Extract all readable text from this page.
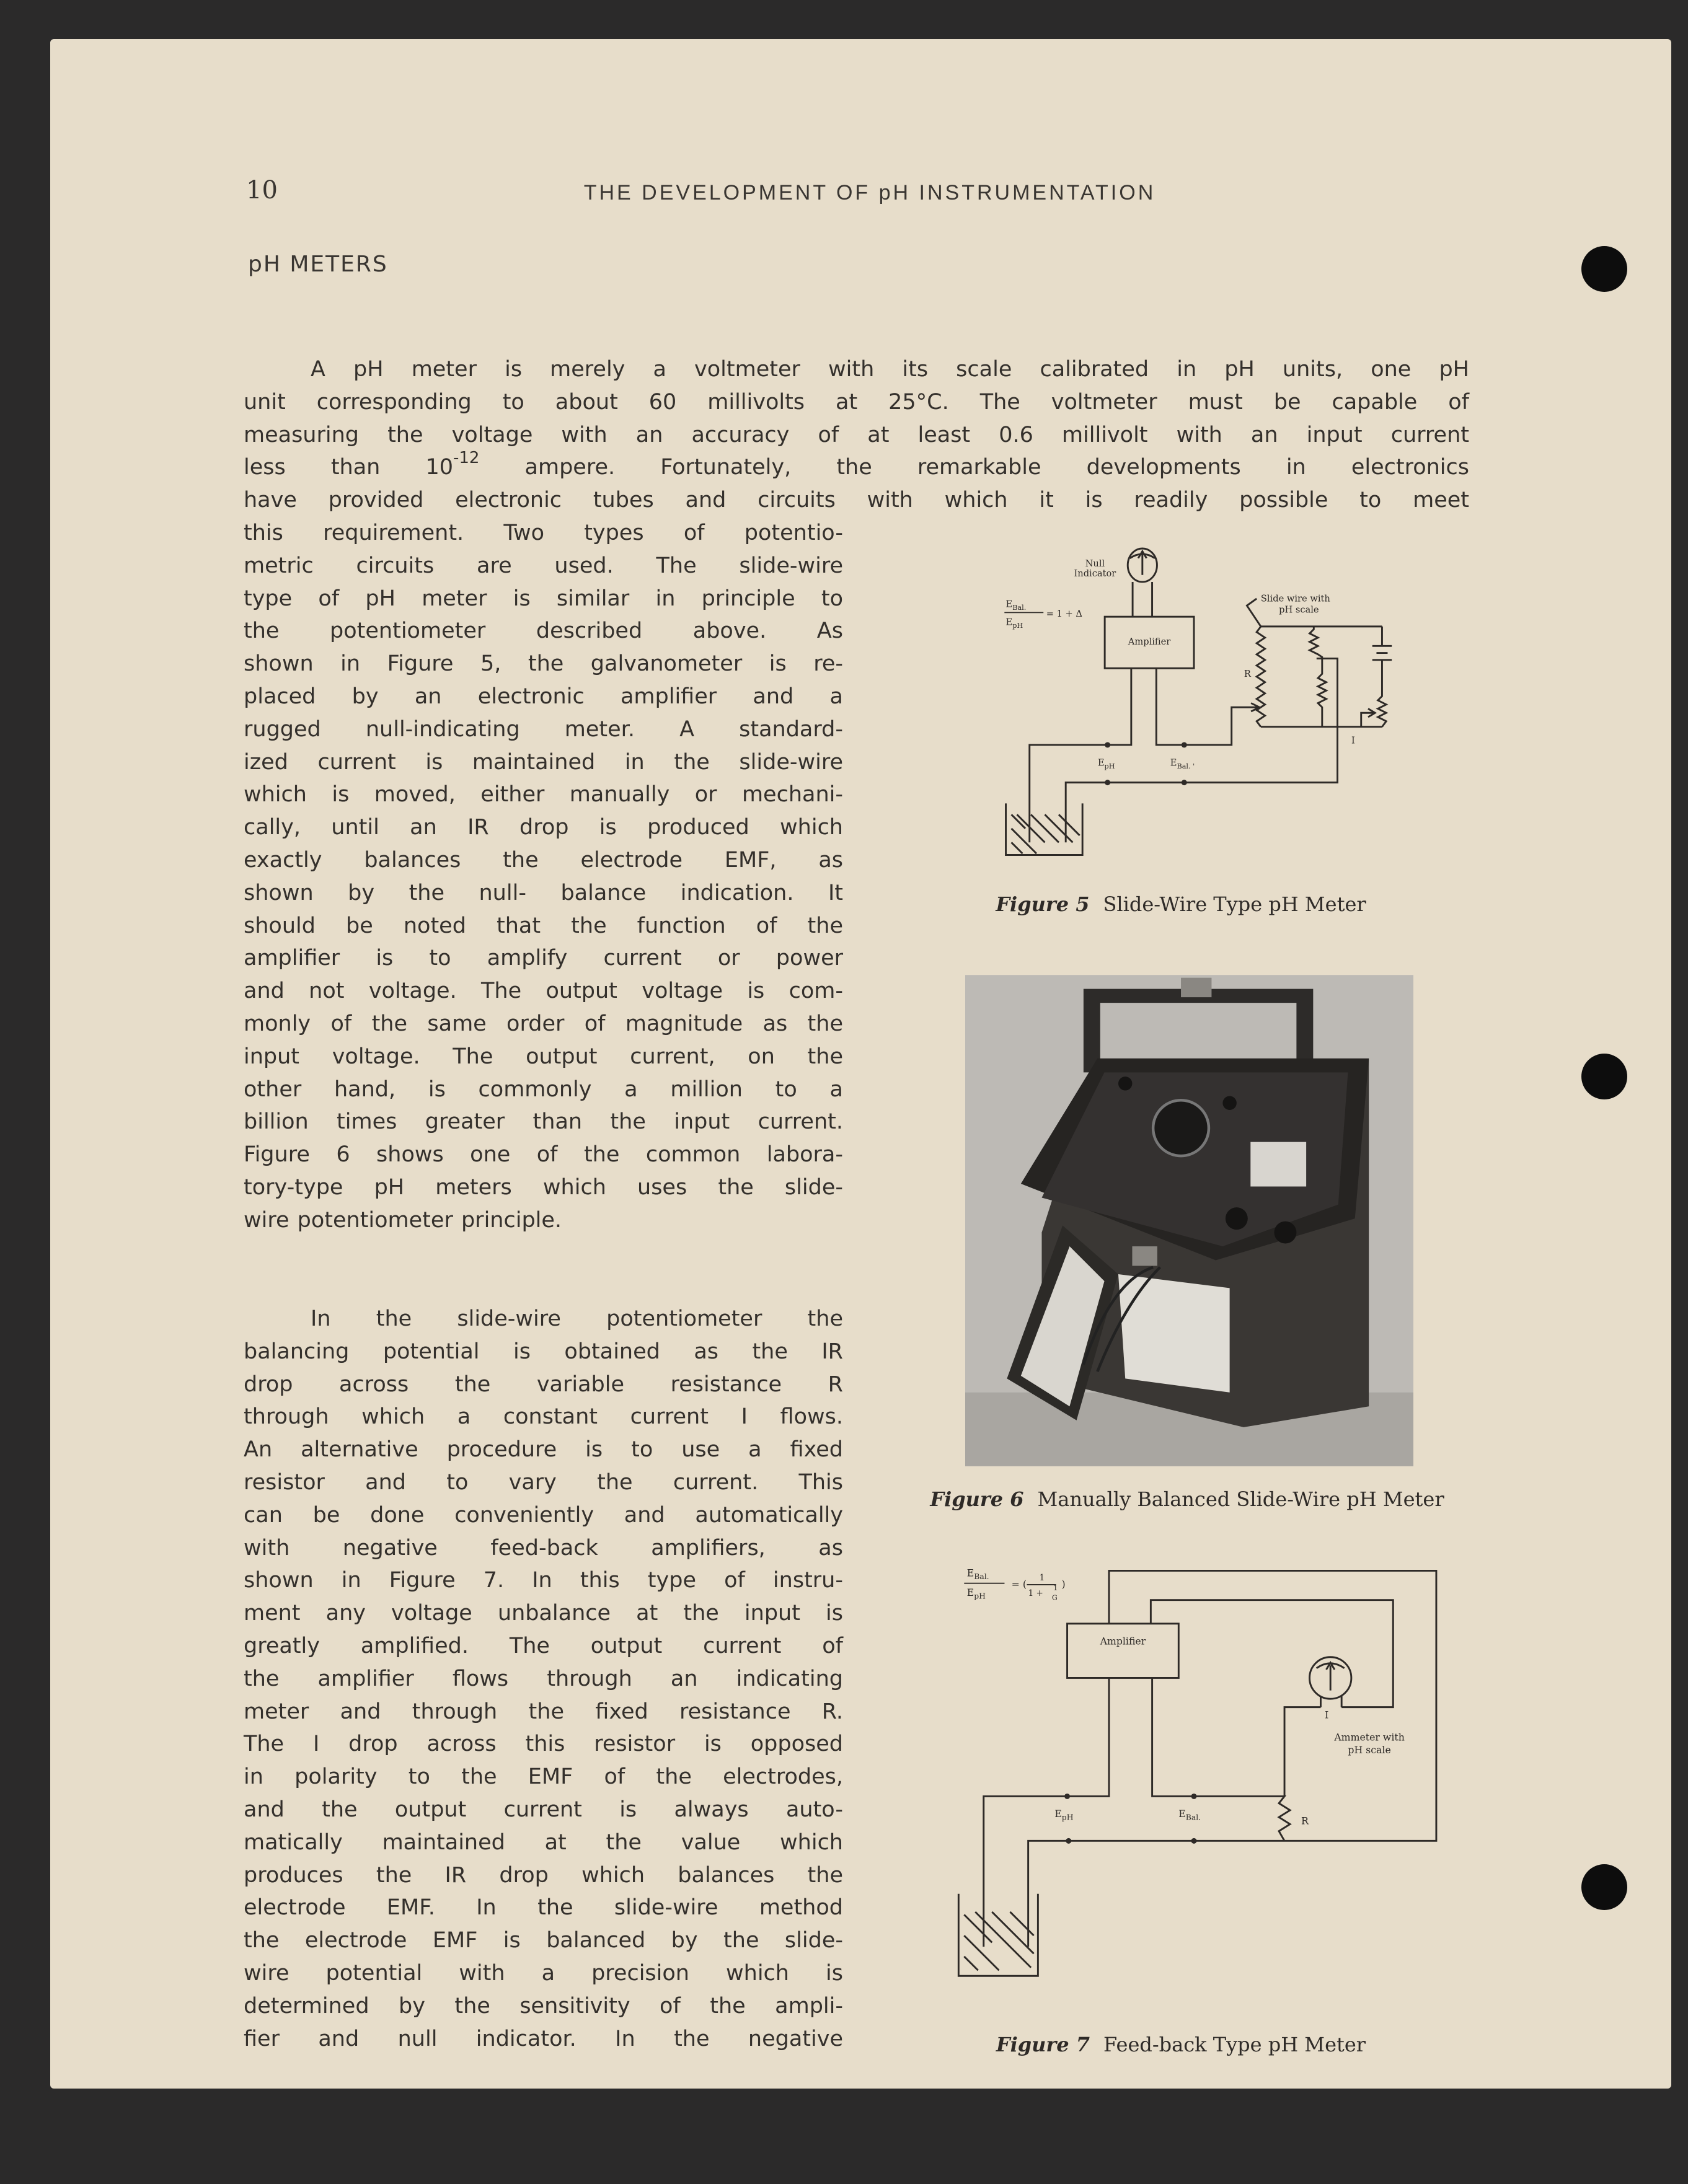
10	THE DEVELOPMENT OF pH INSTRUMENTATION
pH METERS
A pH meter is merely a voltmeter with its scale calibrated in pH units, one pH
unit corresponding to about 60 millivolts at 25°C. The voltmeter must be capable of
measuring the voltage with an accuracy of at least 0.6 millivolt with an input current
less than $10^{-12}$ ampere. Fortunately, the remarkable developments in electronics
have provided electronic tubes and circuits with which it is readily possible to meet
this requirement. Two types of potentio-
metric circuits are used. The slide-wire
type of pH meter is similar in principle to
the potentiometer described above. As
shown in Figure 5, the galvanometer is re-
placed by an electronic amplifier and a
rugged null-indicating meter. A standard-
ized current is maintained in the slide-wire
which is moved, either manually or mechani-
cally, until an IR drop is produced which
exactly balances the electrode EMF, as
shown by the null- balance indication. It
should be noted that the function of the
amplifier is to amplify current or power
and not voltage. The output voltage is com-
monly of the same order of magnitude as the
input voltage. The output current, on the
other hand, is commonly a million to a
billion times greater than the input current.
Figure 6 shows one of the common labora-
tory-type pH meters which uses the slide-
wire potentiometer principle.
In the slide-wire potentiometer the
balancing potential is obtained as the IR
drop across the variable resistance R
through which a constant current I flows.
An alternative procedure is to use a fixed
resistor and to vary the current. This
can be done conveniently and automatically
with negative feed-back amplifiers, as
shown in Figure 7. In this type of instru-
ment any voltage unbalance at the input is
greatly amplified. The output current of
the amplifier flows through an indicating
meter and through the fixed resistance R.
The I drop across this resistor is opposed
in polarity to the EMF of the electrodes,
and the output current is always auto-
matically maintained at the value which
produces the IR drop which balances the
electrode EMF. In the slide-wire method
the electrode EMF is balanced by the slide-
wire potential with a precision which is
determined by the sensitivity of the ampli-
fier and null indicator. In the negative
Null
Indicator
Amplifier
Slide wire with
pH scale
R
I
$E_{Bal.}$
$E_{pH}$
= 1 + Δ
$E_{pH}$	$E_{Bal. '}$
Figure 5 Slide-Wire Type pH Meter
Figure 6 Manually Balanced Slide-Wire pH Meter
Amplifier
Ammeter with
pH scale
I
R
$E_{pH}$	$E_{Bal.}$
$E_{Bal.}$
$E_{pH}$
= (
1
1 +
1
G
)
Figure 7 Feed-back Type pH Meter
